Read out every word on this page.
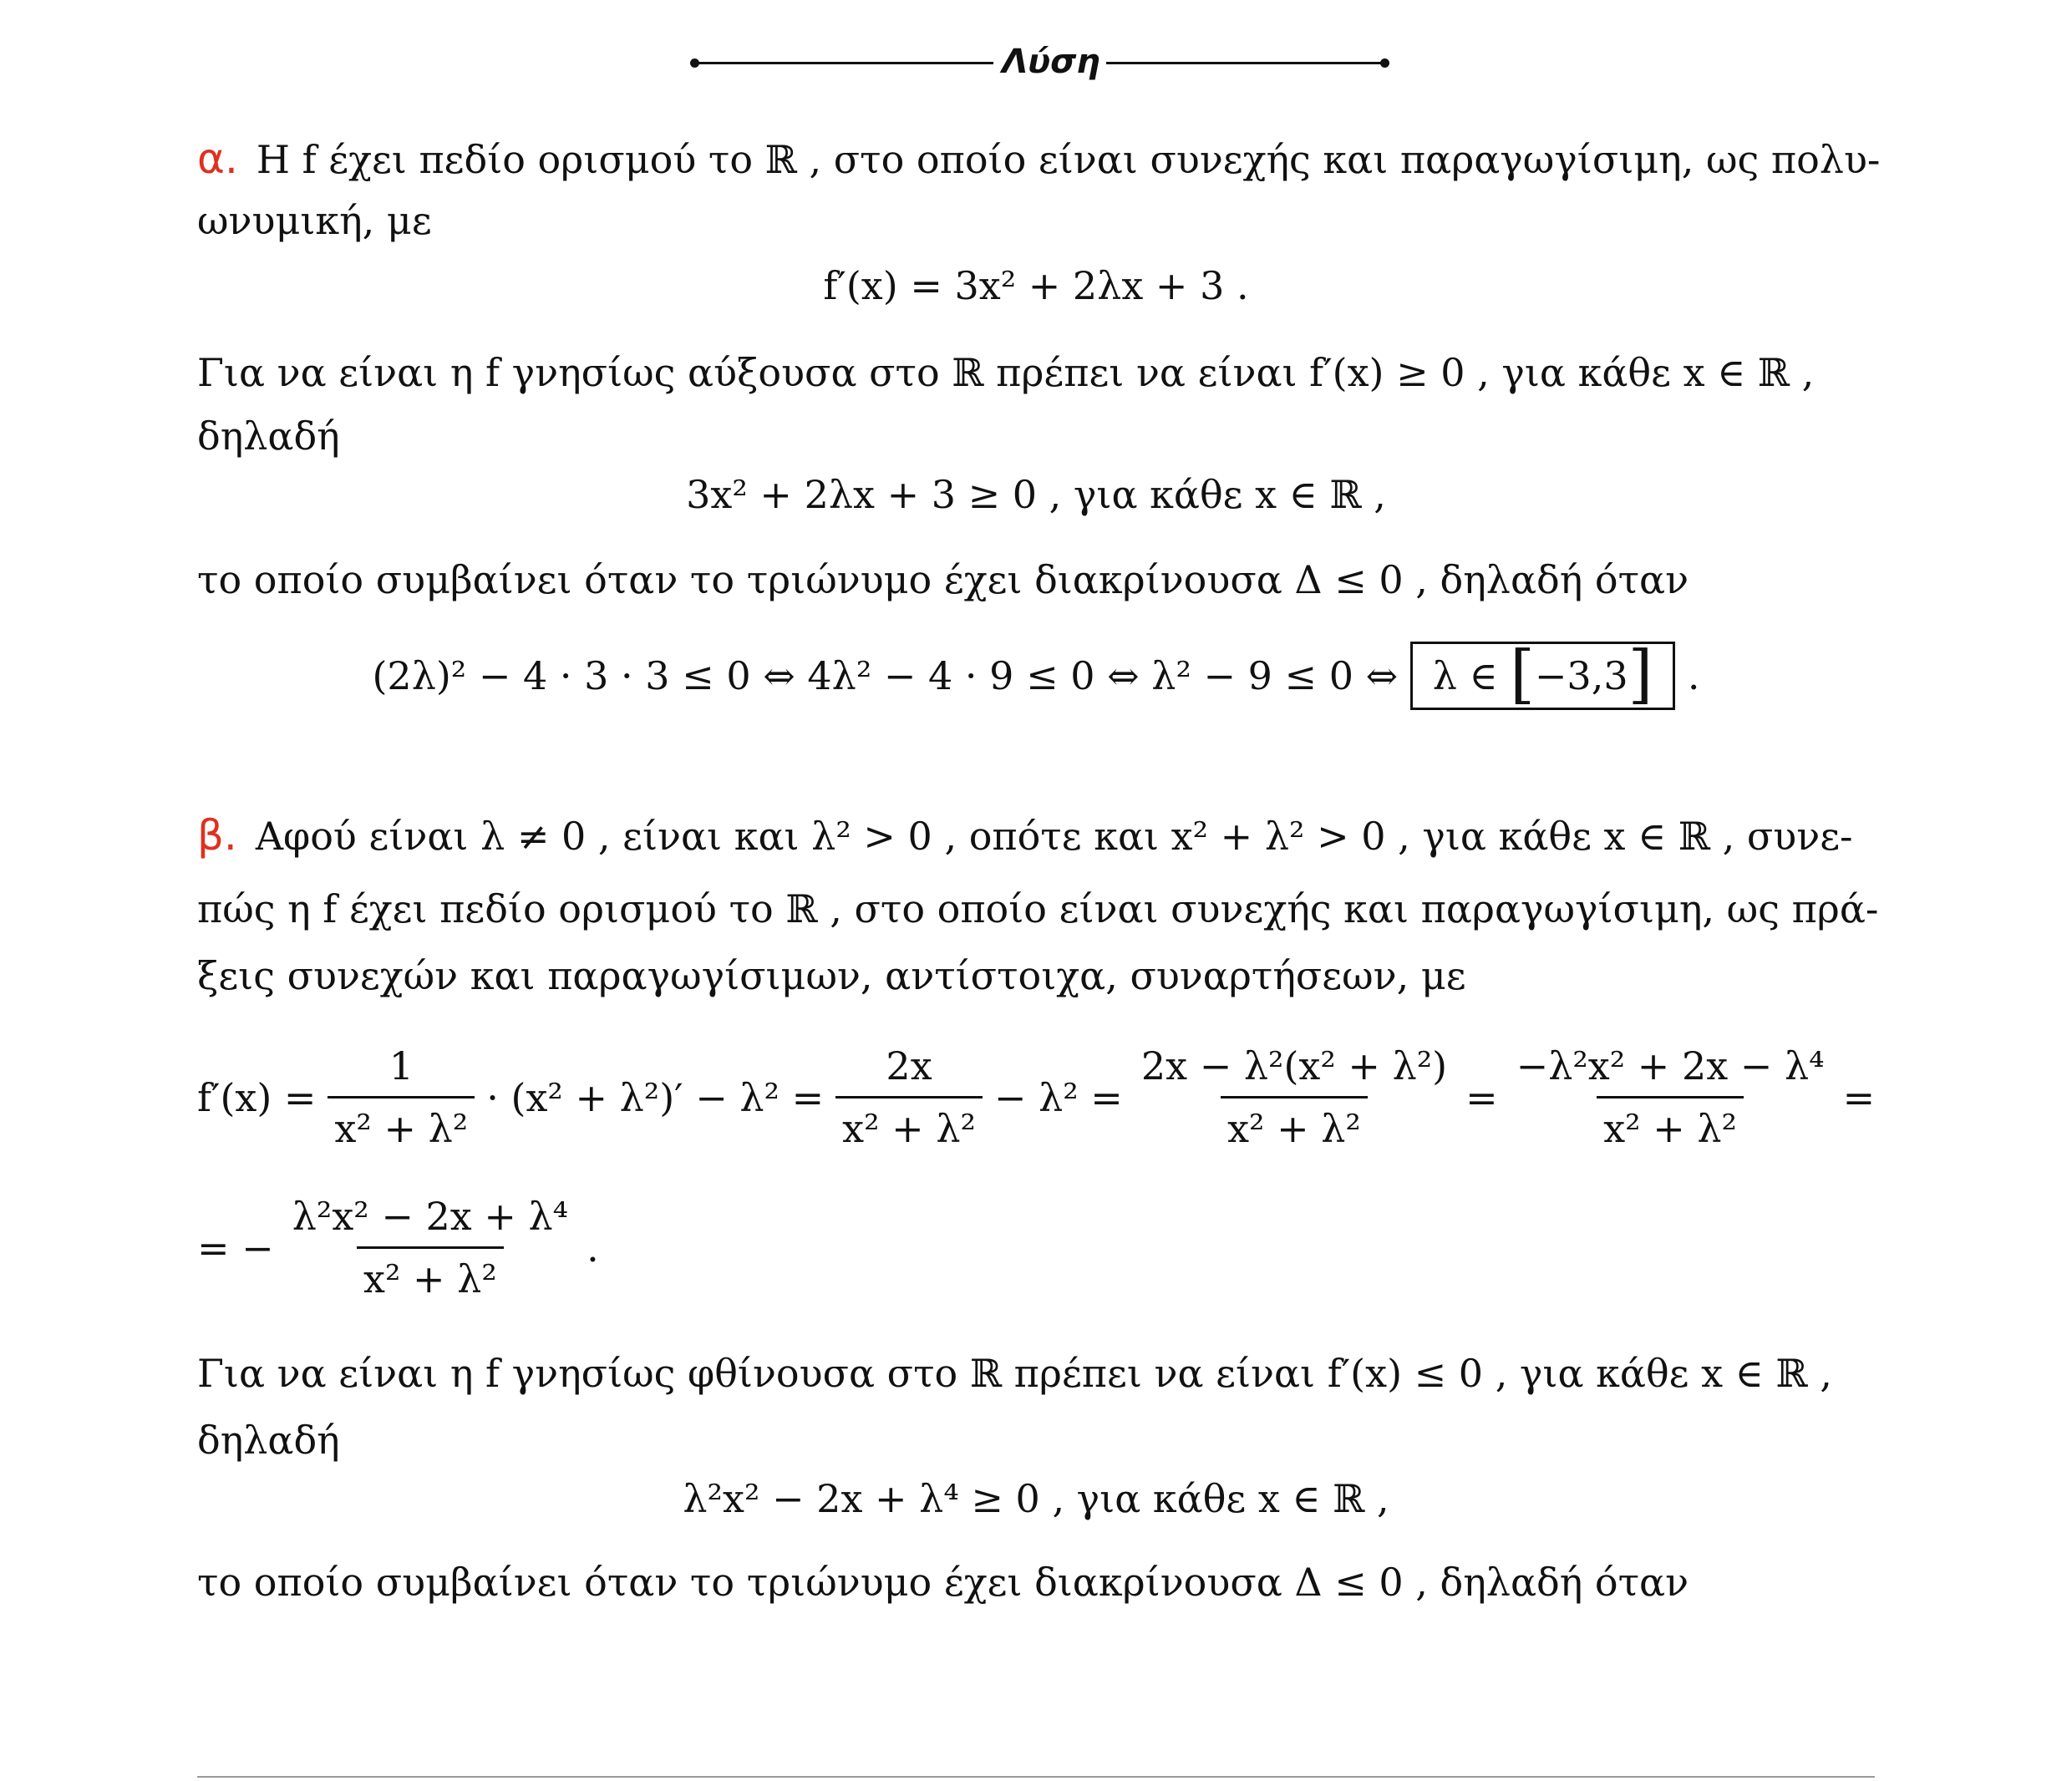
Λύση
α. Η f έχει πεδίο ορισμού το ℝ , στο οποίο είναι συνεχής και παραγωγίσιμη, ως πολυ-
ωνυμική, με
f′(x) = 3x² + 2λx + 3 .
Για να είναι η f γνησίως αύξουσα στο ℝ πρέπει να είναι f′(x) ≥ 0 , για κάθε x ∈ ℝ ,
δηλαδή
3x² + 2λx + 3 ≥ 0 , για κάθε x ∈ ℝ ,
το οποίο συμβαίνει όταν το τριώνυμο έχει διακρίνουσα Δ ≤ 0 , δηλαδή όταν
(2λ)² − 4 · 3 · 3 ≤ 0 ⇔ 4λ² − 4 · 9 ≤ 0 ⇔ λ² − 9 ≤ 0 ⇔ λ ∈ [−3,3] .
β. Αφού είναι λ ≠ 0 , είναι και λ² > 0 , οπότε και x² + λ² > 0 , για κάθε x ∈ ℝ , συνε-
πώς η f έχει πεδίο ορισμού το ℝ , στο οποίο είναι συνεχής και παραγωγίσιμη, ως πρά-
ξεις συνεχών και παραγωγίσιμων, αντίστοιχα, συναρτήσεων, με
$f'(x) = \frac{1}{\text{x² + λ²}} \cdot (x^2 + \lambda^2)' - \lambda^2 = \frac{2x}{\text{x² + λ²}} - \lambda^2 = \frac{\text{2x − λ²(x² + λ²)}}{\text{x² + λ²}} = \frac{\text{−λ²x² + 2x − λ⁴}}{\text{x² + λ²}}$ =
= − $\frac{\text{λ²x² − 2x + λ⁴}}{\text{x² + λ²}}$ .
Για να είναι η f γνησίως φθίνουσα στο ℝ πρέπει να είναι f′(x) ≤ 0 , για κάθε x ∈ ℝ ,
δηλαδή
λ²x² − 2x + λ⁴ ≥ 0 , για κάθε x ∈ ℝ ,
το οποίο συμβαίνει όταν το τριώνυμο έχει διακρίνουσα Δ ≤ 0 , δηλαδή όταν
